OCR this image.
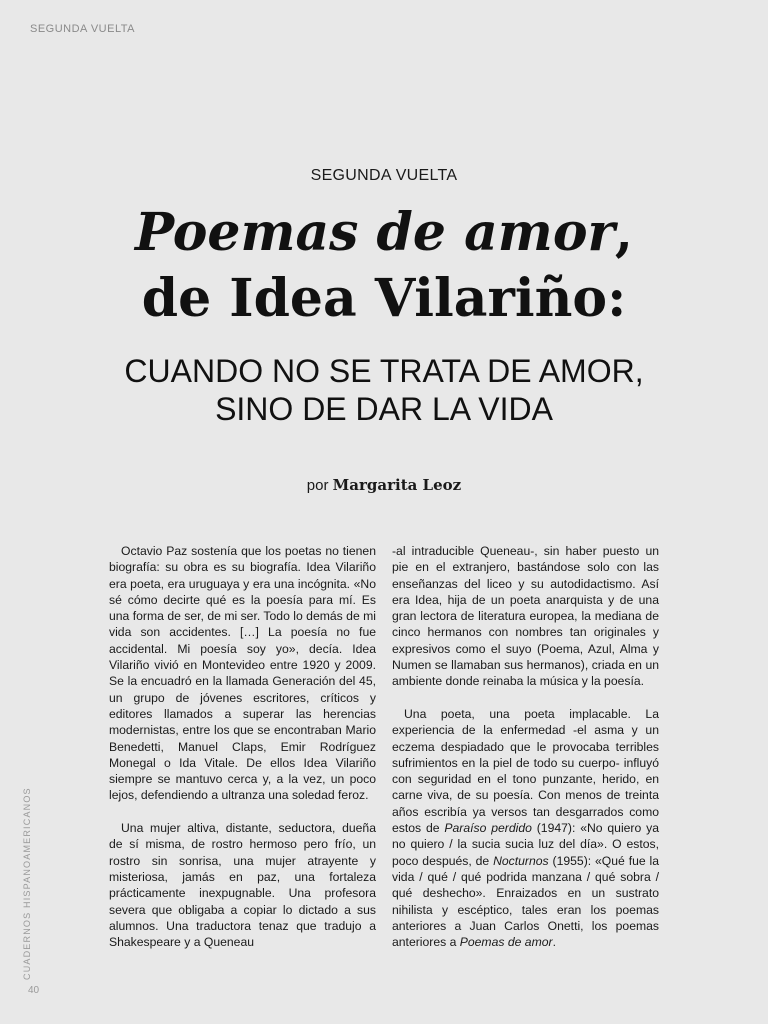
SEGUNDA VUELTA
SEGUNDA VUELTA
Poemas de amor,
de Idea Vilariño:
CUANDO NO SE TRATA DE AMOR,
SINO DE DAR LA VIDA
por Margarita Leoz

Octavio Paz sostenía que los poetas no tienen biografía: su obra es su biografía. Idea Vilariño era poeta, era uruguaya y era una incógnita. «No sé cómo decirte qué es la poesía para mí. Es una forma de ser, de mi ser. Todo lo demás de mi vida son accidentes. […] La poesía no fue accidental. Mi poesía soy yo», decía. Idea Vilariño vivió en Montevideo entre 1920 y 2009. Se la encuadró en la llamada Generación del 45, un grupo de jóvenes escritores, críticos y editores llamados a superar las herencias modernistas, entre los que se encontraban Mario Benedetti, Manuel Claps, Emir Rodríguez Monegal o Ida Vitale. De ellos Idea Vilariño siempre se mantuvo cerca y, a la vez, un poco lejos, defendiendo a ultranza una soledad feroz.

Una mujer altiva, distante, seductora, dueña de sí misma, de rostro hermoso pero frío, un rostro sin sonrisa, una mujer atrayente y misteriosa, jamás en paz, una fortaleza prácticamente inexpugnable. Una profesora severa que obligaba a copiar lo dictado a sus alumnos. Una traductora tenaz que tradujo a Shakespeare y a Queneau

-al intraducible Queneau-, sin haber puesto un pie en el extranjero, bastándose solo con las enseñanzas del liceo y su autodidactismo. Así era Idea, hija de un poeta anarquista y de una gran lectora de literatura europea, la mediana de cinco hermanos con nombres tan originales y expresivos como el suyo (Poema, Azul, Alma y Numen se llamaban sus hermanos), criada en un ambiente donde reinaba la música y la poesía.

Una poeta, una poeta implacable. La experiencia de la enfermedad -el asma y un eczema despiadado que le provocaba terribles sufrimientos en la piel de todo su cuerpo- influyó con seguridad en el tono punzante, herido, en carne viva, de su poesía. Con menos de treinta años escribía ya versos tan desgarrados como estos de Paraíso perdido (1947): «No quiero ya no quiero / la sucia sucia luz del día». O estos, poco después, de Nocturnos (1955): «Qué fue la vida / qué / qué podrida manzana / qué sobra / qué deshecho». Enraizados en un sustrato nihilista y escéptico, tales eran los poemas anteriores a Juan Carlos Onetti, los poemas anteriores a Poemas de amor.

CUADERNOS HISPANOAMERICANOS
40
